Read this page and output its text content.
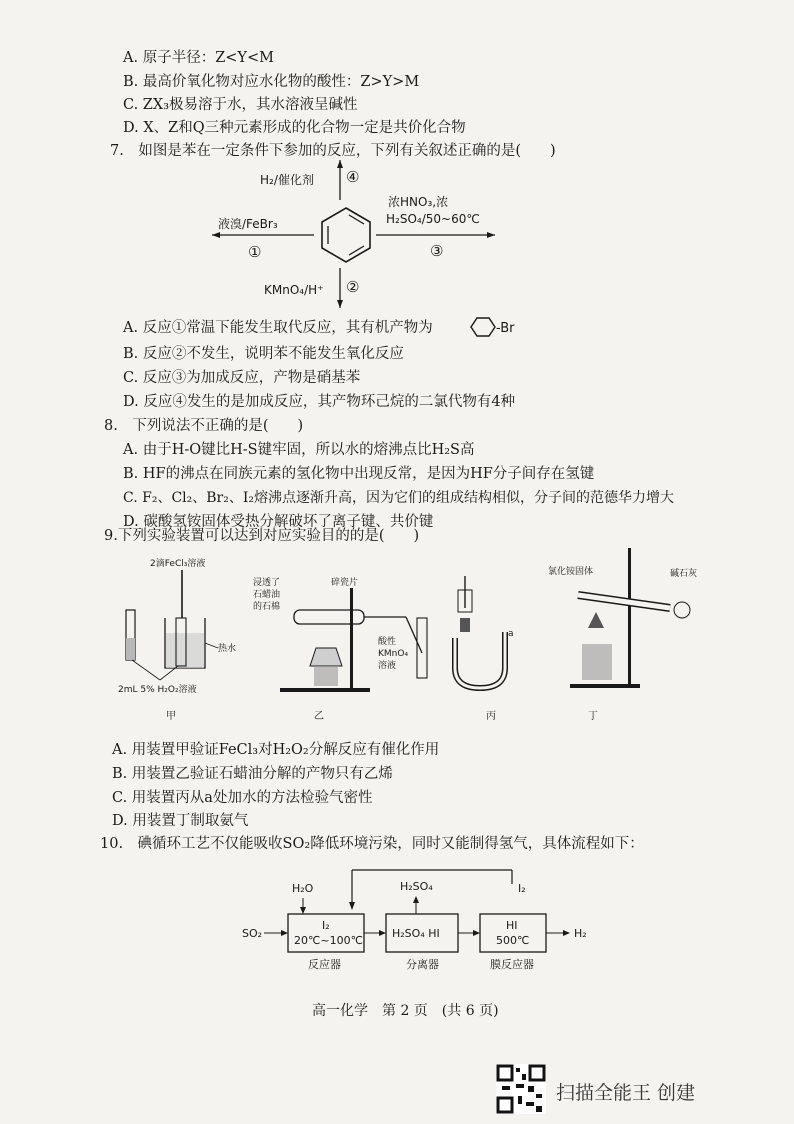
A. 原子半径：Z<Y<M
B. 最高价氧化物对应水化物的酸性：Z>Y>M
C. ZX₃极易溶于水，其水溶液呈碱性
D. X、Z和Q三种元素形成的化合物一定是共价化合物
7.　如图是苯在一定条件下参加的反应，下列有关叙述正确的是(　　)
H₂/催化剂 ④
液溴/FeBr₃
①
浓HNO₃,浓
H₂SO₄/50~60℃
③
KMnO₄/H⁺ ②
A. 反应①常温下能发生取代反应，其有机产物为	-Br
B. 反应②不发生，说明苯不能发生氧化反应
C. 反应③为加成反应，产物是硝基苯
D. 反应④发生的是加成反应，其产物环己烷的二氯代物有4种
8.　下列说法不正确的是(　　)
A. 由于H-O键比H-S键牢固，所以水的熔沸点比H₂S高
B. HF的沸点在同族元素的氢化物中出现反常，是因为HF分子间存在氢键
C. F₂、Cl₂、Br₂、I₂熔沸点逐渐升高，因为它们的组成结构相似，分子间的范德华力增大
D. 碳酸氢铵固体受热分解破坏了离子键、共价键
9.下列实验装置可以达到对应实验目的的是(　　)
2滴FeCl₃溶液
热水
2mL 5% H₂O₂溶液
甲
浸透了
石蜡油
的石棉
碎瓷片
酸性
KMnO₄
溶液
乙
a
丙
氯化铵固体	碱石灰
丁
A. 用装置甲验证FeCl₃对H₂O₂分解反应有催化作用
B. 用装置乙验证石蜡油分解的产物只有乙烯
C. 用装置丙从a处加水的方法检验气密性
D. 用装置丁制取氨气
10.　碘循环工艺不仅能吸收SO₂降低环境污染，同时又能制得氢气，具体流程如下：
H₂O
I₂
20℃~100℃
反应器
SO₂	H₂SO₄ HI
分离器
H₂SO₄
HI
500℃
膜反应器
I₂
H₂
高一化学　第 2 页　(共 6 页)
扫描全能王 创建
